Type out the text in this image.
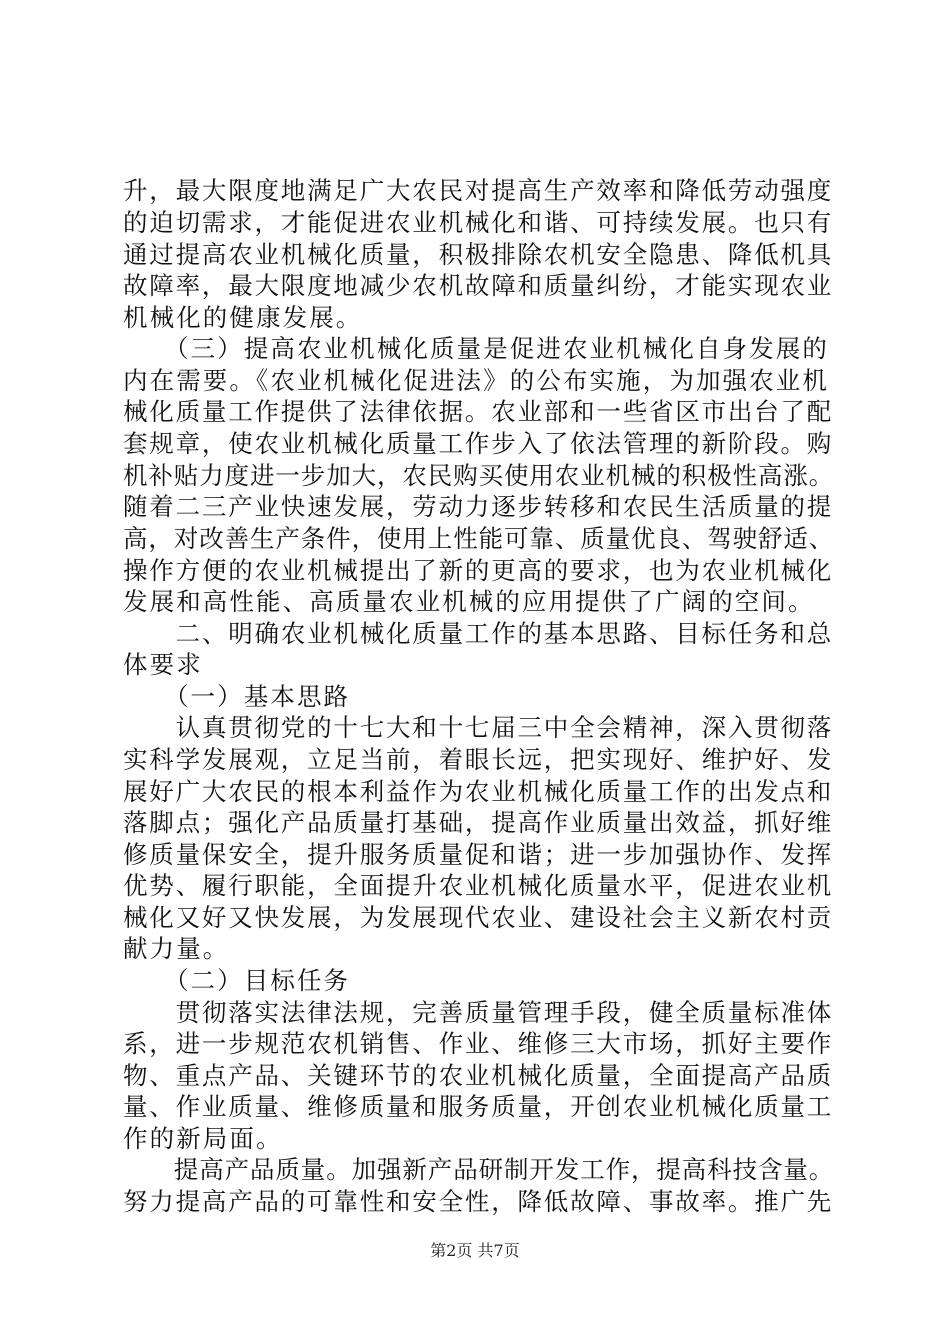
升，最大限度地满足广大农民对提高生产效率和降低劳动强度
的迫切需求，才能促进农业机械化和谐、可持续发展。也只有
通过提高农业机械化质量，积极排除农机安全隐患、降低机具
故障率，最大限度地减少农机故障和质量纠纷，才能实现农业
机械化的健康发展。
　　（三）提高农业机械化质量是促进农业机械化自身发展的
内在需要。《农业机械化促进法》的公布实施，为加强农业机
械化质量工作提供了法律依据。农业部和一些省区市出台了配
套规章，使农业机械化质量工作步入了依法管理的新阶段。购
机补贴力度进一步加大，农民购买使用农业机械的积极性高涨。
随着二三产业快速发展，劳动力逐步转移和农民生活质量的提
高，对改善生产条件，使用上性能可靠、质量优良、驾驶舒适、
操作方便的农业机械提出了新的更高的要求，也为农业机械化
发展和高性能、高质量农业机械的应用提供了广阔的空间。
　　二、明确农业机械化质量工作的基本思路、目标任务和总
体要求
　　（一）基本思路
　　认真贯彻党的十七大和十七届三中全会精神，深入贯彻落
实科学发展观，立足当前，着眼长远，把实现好、维护好、发
展好广大农民的根本利益作为农业机械化质量工作的出发点和
落脚点；强化产品质量打基础，提高作业质量出效益，抓好维
修质量保安全，提升服务质量促和谐；进一步加强协作、发挥
优势、履行职能，全面提升农业机械化质量水平，促进农业机
械化又好又快发展，为发展现代农业、建设社会主义新农村贡
献力量。
　　（二）目标任务
　　贯彻落实法律法规，完善质量管理手段，健全质量标准体
系，进一步规范农机销售、作业、维修三大市场，抓好主要作
物、重点产品、关键环节的农业机械化质量，全面提高产品质
量、作业质量、维修质量和服务质量，开创农业机械化质量工
作的新局面。
　　提高产品质量。加强新产品研制开发工作，提高科技含量。
努力提高产品的可靠性和安全性，降低故障、事故率。推广先
第2页 共7页
